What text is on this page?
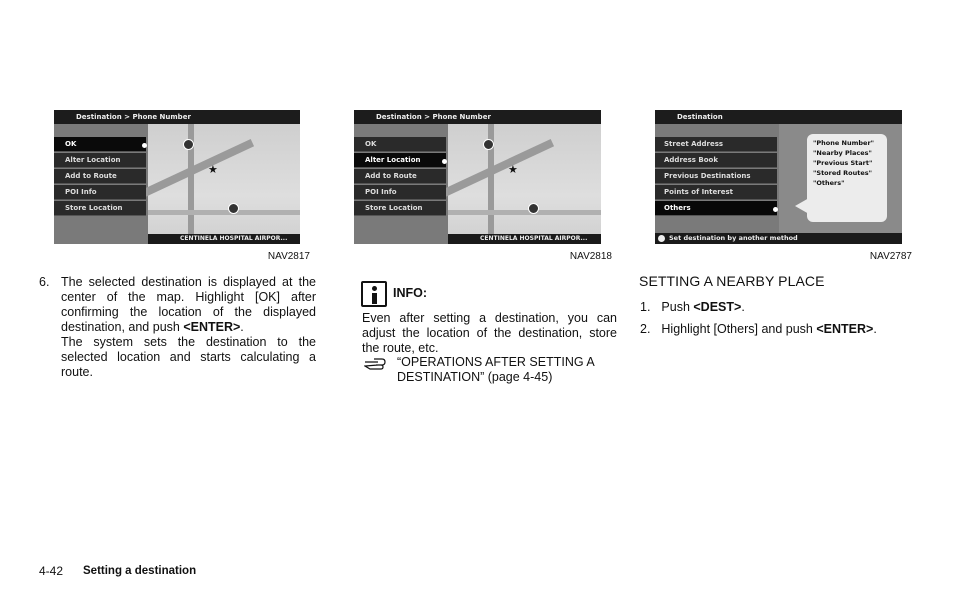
Destination > Phone Number
★
OK
Alter Location
Add to Route
POI Info
Store Location
CENTINELA HOSPITAL AIRPOR...
NAV2817
Destination > Phone Number
★
OK
Alter Location
Add to Route
POI Info
Store Location
CENTINELA HOSPITAL AIRPOR...
NAV2818
Destination
Street Address
Address Book
Previous Destinations
Points of Interest
Others
"Phone Number"
"Nearby Places"
"Previous Start"
"Stored Routes"
"Others"
Set destination by another method
NAV2787
6. The selected destination is displayed at the center of the map. Highlight [OK] after confirming the location of the displayed destination, and push <ENTER>.
The system sets the destination to the selected location and starts calculating a route.
INFO:
Even after setting a destination, you can adjust the location of the destination, store the route, etc.
“OPERATIONS AFTER SETTING A DESTINATION” (page 4-45)
SETTING A NEARBY PLACE
1. Push <DEST>.
2. Highlight [Others] and push <ENTER>.
4-42 Setting a destination
